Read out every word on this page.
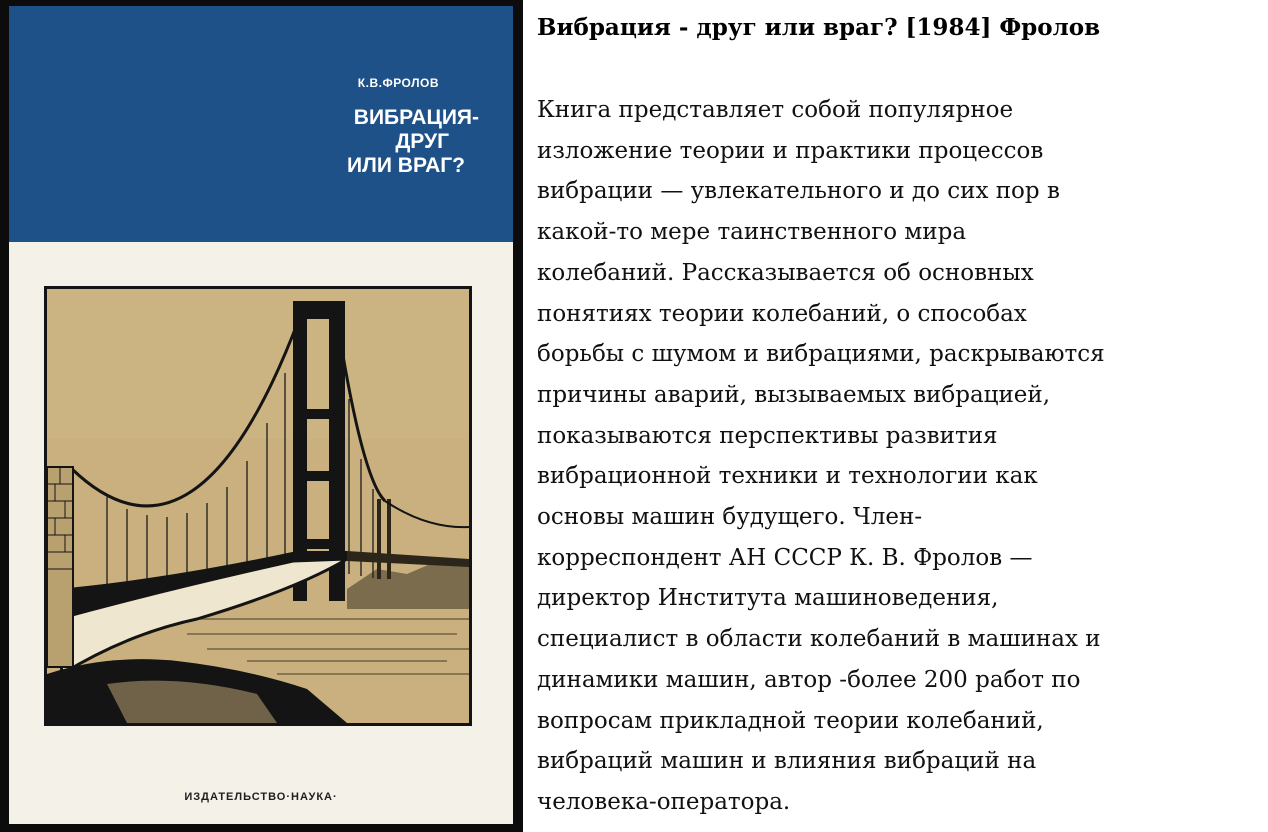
К.В.ФРОЛОВ
ВИБРАЦИЯ-
ДРУГ
ИЛИ ВРАГ?
ИЗДАТЕЛЬСТВО·НАУКА·
Вибрация - друг или враг? [1984] Фролов
Книга представляет собой популярное
изложение теории и практики процессов
вибрации — увлекательного и до сих пор в
какой-то мере таинственного мира
колебаний. Рассказывается об основных
понятиях теории колебаний, о способах
борьбы с шумом и вибрациями, раскрываются
причины аварий, вызываемых вибрацией,
показываются перспективы развития
вибрационной техники и технологии как
основы машин будущего. Член-
корреспондент АН СССР К. В. Фролов —
директор Института машиноведения,
специалист в области колебаний в машинах и
динамики машин, автор -более 200 работ по
вопросам прикладной теории колебаний,
вибраций машин и влияния вибраций на
человека-оператора.
